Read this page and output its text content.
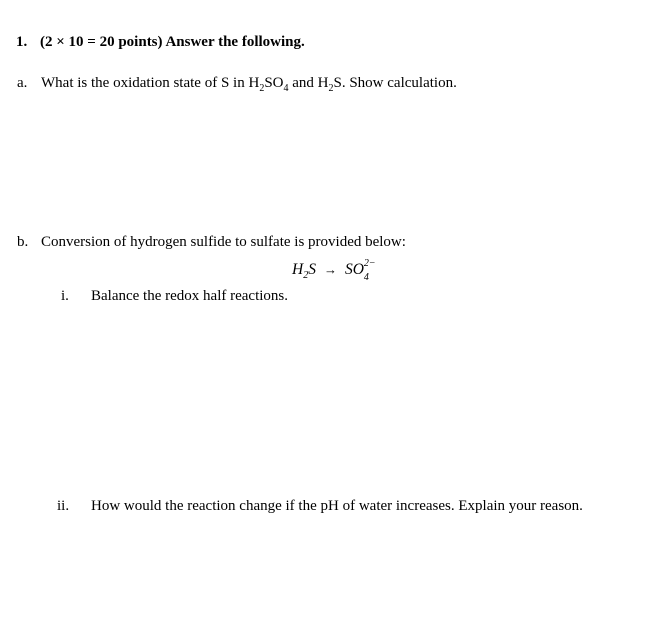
1. (2 × 10 = 20 points) Answer the following.
a. What is the oxidation state of S in $H_2SO_4$ and $H_2S$. Show calculation.
b. Conversion of hydrogen sulfide to sulfate is provided below:
$H_2S$ → SO 2−
4
i. Balance the redox half reactions.
ii. How would the reaction change if the pH of water increases. Explain your reason.
